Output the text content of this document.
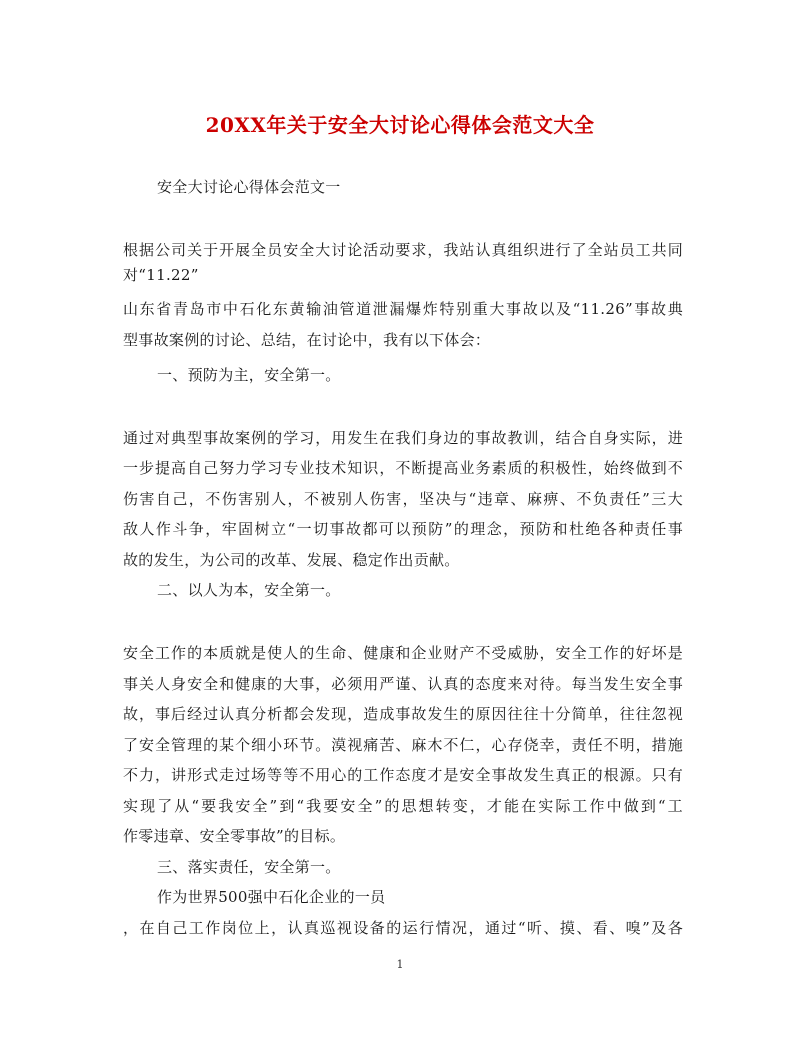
20XX年关于安全大讨论心得体会范文大全
安全大讨论心得体会范文一
根据公司关于开展全员安全大讨论活动要求，我站认真组织进行了全站员工共同
对“11.22”
山东省青岛市中石化东黄输油管道泄漏爆炸特别重大事故以及“11.26”事故典
型事故案例的讨论、总结，在讨论中，我有以下体会：
一、预防为主，安全第一。
通过对典型事故案例的学习，用发生在我们身边的事故教训，结合自身实际，进
一步提高自己努力学习专业技术知识，不断提高业务素质的积极性，始终做到不
伤害自己，不伤害别人，不被别人伤害，坚决与“违章、麻痹、不负责任”三大
敌人作斗争，牢固树立“一切事故都可以预防”的理念，预防和杜绝各种责任事
故的发生，为公司的改革、发展、稳定作出贡献。
二、以人为本，安全第一。
安全工作的本质就是使人的生命、健康和企业财产不受威胁，安全工作的好坏是
事关人身安全和健康的大事，必须用严谨、认真的态度来对待。每当发生安全事
故，事后经过认真分析都会发现，造成事故发生的原因往往十分简单，往往忽视
了安全管理的某个细小环节。漠视痛苦、麻木不仁，心存侥幸，责任不明，措施
不力，讲形式走过场等等不用心的工作态度才是安全事故发生真正的根源。只有
实现了从“要我安全”到“我要安全”的思想转变，才能在实际工作中做到“工
作零违章、安全零事故”的目标。
三、落实责任，安全第一。
作为世界500强中石化企业的一员
，在自己工作岗位上，认真巡视设备的运行情况，通过“听、摸、看、嗅”及各
1
